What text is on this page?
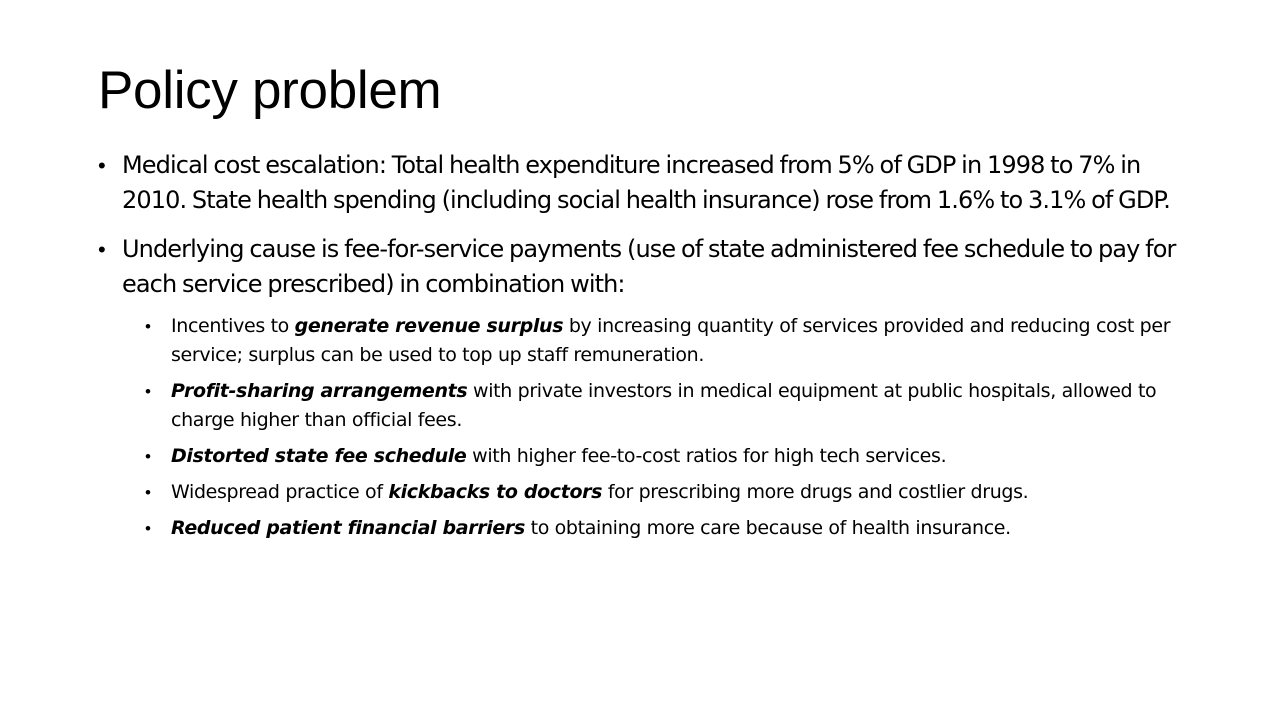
Policy problem
• Medical cost escalation: Total health expenditure increased from 5% of GDP in 1998 to 7% in 2010. State health spending (including social health insurance) rose from 1.6% to 3.1% of GDP.
• Underlying cause is fee-for-service payments (use of state administered fee schedule to pay for each service prescribed) in combination with:
• Incentives to generate revenue surplus by increasing quantity of services provided and reducing cost per service; surplus can be used to top up staff remuneration.
• Profit-sharing arrangements with private investors in medical equipment at public hospitals, allowed to charge higher than official fees.
• Distorted state fee schedule with higher fee-to-cost ratios for high tech services.
• Widespread practice of kickbacks to doctors for prescribing more drugs and costlier drugs.
• Reduced patient financial barriers to obtaining more care because of health insurance.
